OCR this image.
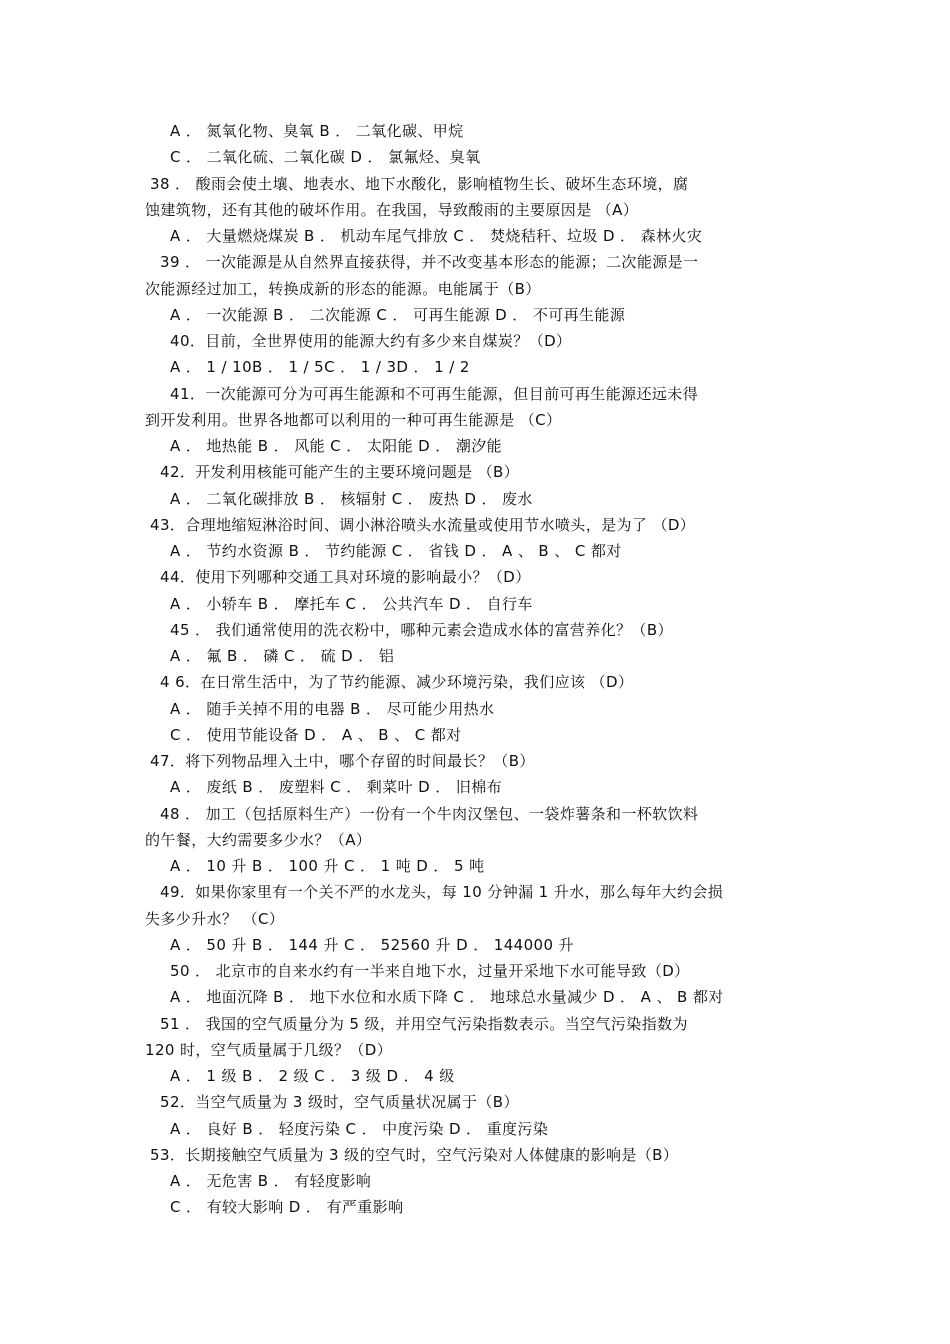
A ． 氮氧化物、臭氧 B ． 二氧化碳、甲烷
C ． 二氧化硫、二氧化碳 D ． 氯氟烃、臭氧
38 ． 酸雨会使土壤、地表水、地下水酸化，影响植物生长、破坏生态环境，腐
蚀建筑物，还有其他的破坏作用。在我国，导致酸雨的主要原因是 （A）
A ． 大量燃烧煤炭 B ． 机动车尾气排放 C ． 焚烧秸秆、垃圾 D ． 森林火灾
39 ． 一次能源是从自然界直接获得，并不改变基本形态的能源；二次能源是一
次能源经过加工，转换成新的形态的能源。电能属于（B）
A ． 一次能源 B ． 二次能源 C ． 可再生能源 D ． 不可再生能源
40．目前，全世界使用的能源大约有多少来自煤炭？（D）
A ． 1 / 10B ． 1 / 5C ． 1 / 3D ． 1 / 2
41．一次能源可分为可再生能源和不可再生能源，但目前可再生能源还远未得
到开发利用。世界各地都可以利用的一种可再生能源是 （C）
A ． 地热能 B ． 风能 C ． 太阳能 D ． 潮汐能
42．开发利用核能可能产生的主要环境问题是 （B）
A ． 二氧化碳排放 B ． 核辐射 C ． 废热 D ． 废水
43．合理地缩短淋浴时间、调小淋浴喷头水流量或使用节水喷头，是为了 （D）
A ． 节约水资源 B ． 节约能源 C ． 省钱 D ． A 、 B 、 C 都对
44．使用下列哪种交通工具对环境的影响最小？（D）
A ． 小轿车 B ． 摩托车 C ． 公共汽车 D ． 自行车
45 ． 我们通常使用的洗衣粉中，哪种元素会造成水体的富营养化？（B）
A ． 氟 B ． 磷 C ． 硫 D ． 铝
4 6．在日常生活中，为了节约能源、减少环境污染，我们应该 （D）
A ． 随手关掉不用的电器 B ． 尽可能少用热水
C ． 使用节能设备 D ． A 、 B 、 C 都对
47．将下列物品埋入土中，哪个存留的时间最长？（B）
A ． 废纸 B ． 废塑料 C ． 剩菜叶 D ． 旧棉布
48 ． 加工（包括原料生产）一份有一个牛肉汉堡包、一袋炸薯条和一杯软饮料
的午餐，大约需要多少水？（A）
A ． 10 升 B ． 100 升 C ． 1 吨 D ． 5 吨
49．如果你家里有一个关不严的水龙头，每 10 分钟漏 1 升水，那么每年大约会损
失多少升水？ （C）
A ． 50 升 B ． 144 升 C ． 52560 升 D ． 144000 升
50 ． 北京市的自来水约有一半来自地下水，过量开采地下水可能导致（D）
A ． 地面沉降 B ． 地下水位和水质下降 C ． 地球总水量减少 D ． A 、 B 都对
51 ． 我国的空气质量分为 5 级，并用空气污染指数表示。当空气污染指数为
120 时，空气质量属于几级？（D）
A ． 1 级 B ． 2 级 C ． 3 级 D ． 4 级
52．当空气质量为 3 级时，空气质量状况属于（B）
A ． 良好 B ． 轻度污染 C ． 中度污染 D ． 重度污染
53．长期接触空气质量为 3 级的空气时，空气污染对人体健康的影响是（B）
A ． 无危害 B ． 有轻度影响
C ． 有较大影响 D ． 有严重影响
